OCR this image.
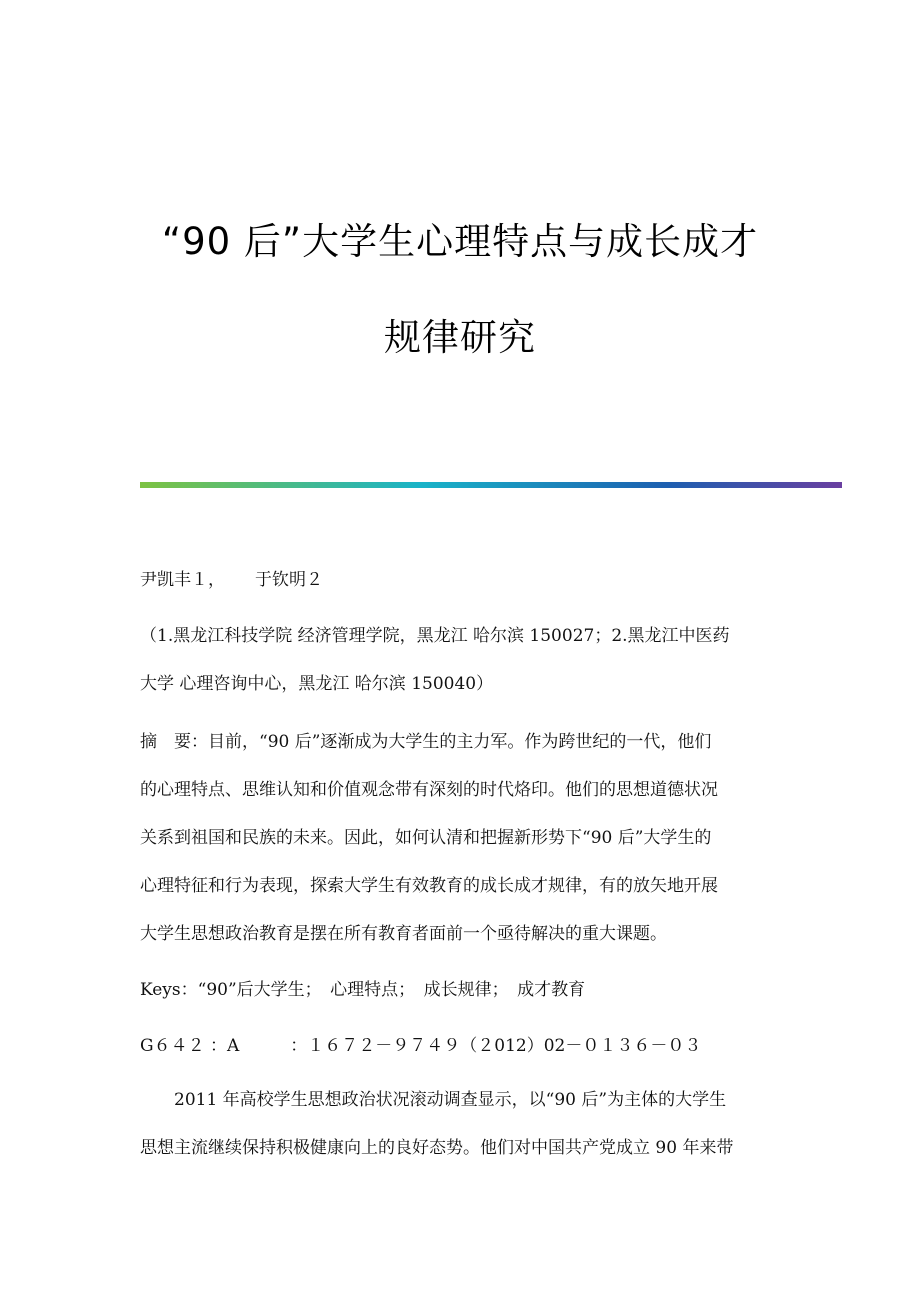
“90 后”大学生心理特点与成长成才
规律研究
尹凯丰１， 于钦明２
（1.黑龙江科技学院 经济管理学院，黑龙江 哈尔滨 150027；2.黑龙江中医药
大学 心理咨询中心，黑龙江 哈尔滨 150040）
摘　要：目前，“90 后”逐渐成为大学生的主力军。作为跨世纪的一代，他们
的心理特点、思维认知和价值观念带有深刻的时代烙印。他们的思想道德状况
关系到祖国和民族的未来。因此，如何认清和把握新形势下“90 后”大学生的
心理特征和行为表现，探索大学生有效教育的成长成才规律，有的放矢地开展
大学生思想政治教育是摆在所有教育者面前一个亟待解决的重大课题。
Keys：“90”后大学生；　心理特点；　成长规律；　成才教育
G６４２ ：A　　　：１６７２－９７４９（２012）02－０１３６－０３
2011 年高校学生思想政治状况滚动调查显示，以“90 后”为主体的大学生
思想主流继续保持积极健康向上的良好态势。他们对中国共产党成立 90 年来带
